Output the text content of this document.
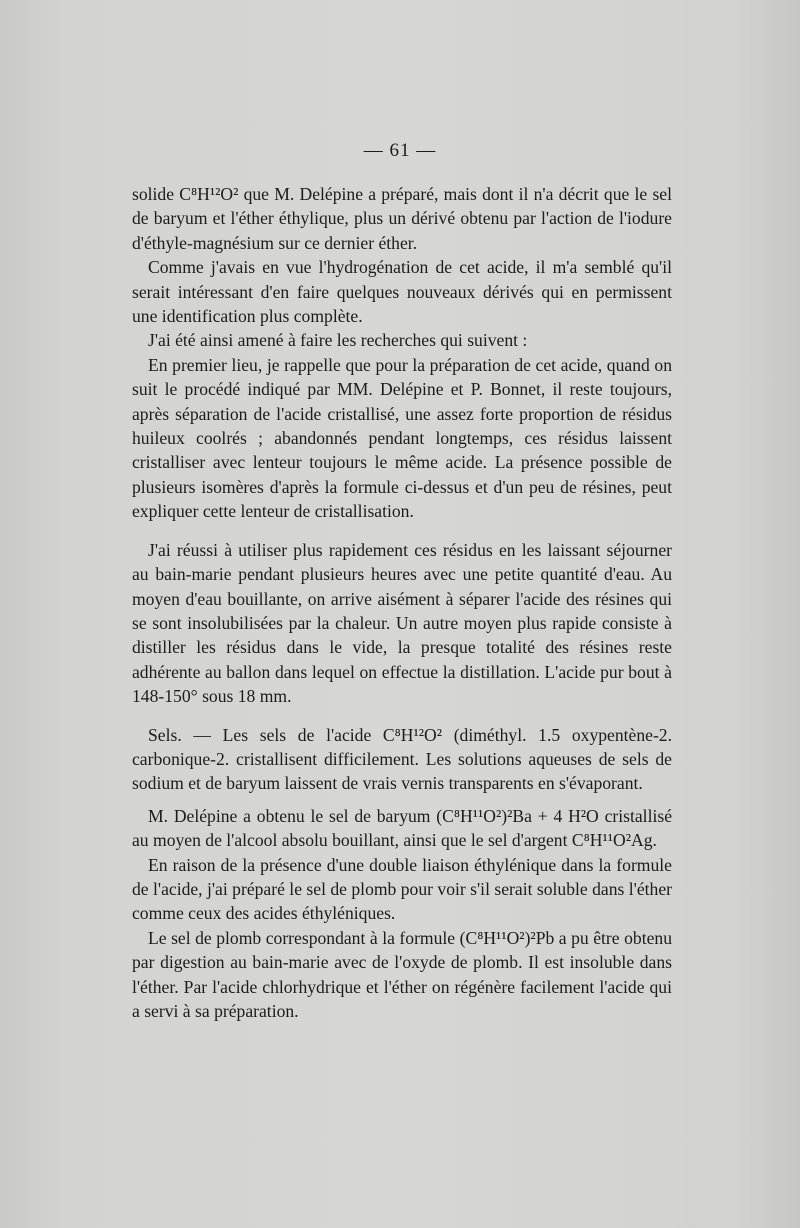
— 61 —

solide C⁸H¹²O² que M. Delépine a préparé, mais dont il n'a décrit que le sel de baryum et l'éther éthylique, plus un dérivé obtenu par l'action de l'iodure d'éthyle-magnésium sur ce dernier éther.

Comme j'avais en vue l'hydrogénation de cet acide, il m'a semblé qu'il serait intéressant d'en faire quelques nouveaux dérivés qui en permissent une identification plus complète.

J'ai été ainsi amené à faire les recherches qui suivent :

En premier lieu, je rappelle que pour la préparation de cet acide, quand on suit le procédé indiqué par MM. Delépine et P. Bonnet, il reste toujours, après séparation de l'acide cristallisé, une assez forte proportion de résidus huileux coolrés ; abandonnés pendant longtemps, ces résidus laissent cristalliser avec lenteur toujours le même acide. La présence possible de plusieurs isomères d'après la formule ci-dessus et d'un peu de résines, peut expliquer cette lenteur de cristallisation.

J'ai réussi à utiliser plus rapidement ces résidus en les laissant séjourner au bain-marie pendant plusieurs heures avec une petite quantité d'eau. Au moyen d'eau bouillante, on arrive aisément à séparer l'acide des résines qui se sont insolubilisées par la chaleur. Un autre moyen plus rapide consiste à distiller les résidus dans le vide, la presque totalité des résines reste adhérente au ballon dans lequel on effectue la distillation. L'acide pur bout à 148-150° sous 18 mm.

Sels. — Les sels de l'acide C⁸H¹²O² (diméthyl. 1.5 oxypentène-2. carbonique-2. cristallisent difficilement. Les solutions aqueuses de sels de sodium et de baryum laissent de vrais vernis transparents en s'évaporant.

M. Delépine a obtenu le sel de baryum (C⁸H¹¹O²)²Ba + 4 H²O cristallisé au moyen de l'alcool absolu bouillant, ainsi que le sel d'argent C⁸H¹¹O²Ag.

En raison de la présence d'une double liaison éthylénique dans la formule de l'acide, j'ai préparé le sel de plomb pour voir s'il serait soluble dans l'éther comme ceux des acides éthyléniques.

Le sel de plomb correspondant à la formule (C⁸H¹¹O²)²Pb a pu être obtenu par digestion au bain-marie avec de l'oxyde de plomb. Il est insoluble dans l'éther. Par l'acide chlorhydrique et l'éther on régénère facilement l'acide qui a servi à sa préparation.
